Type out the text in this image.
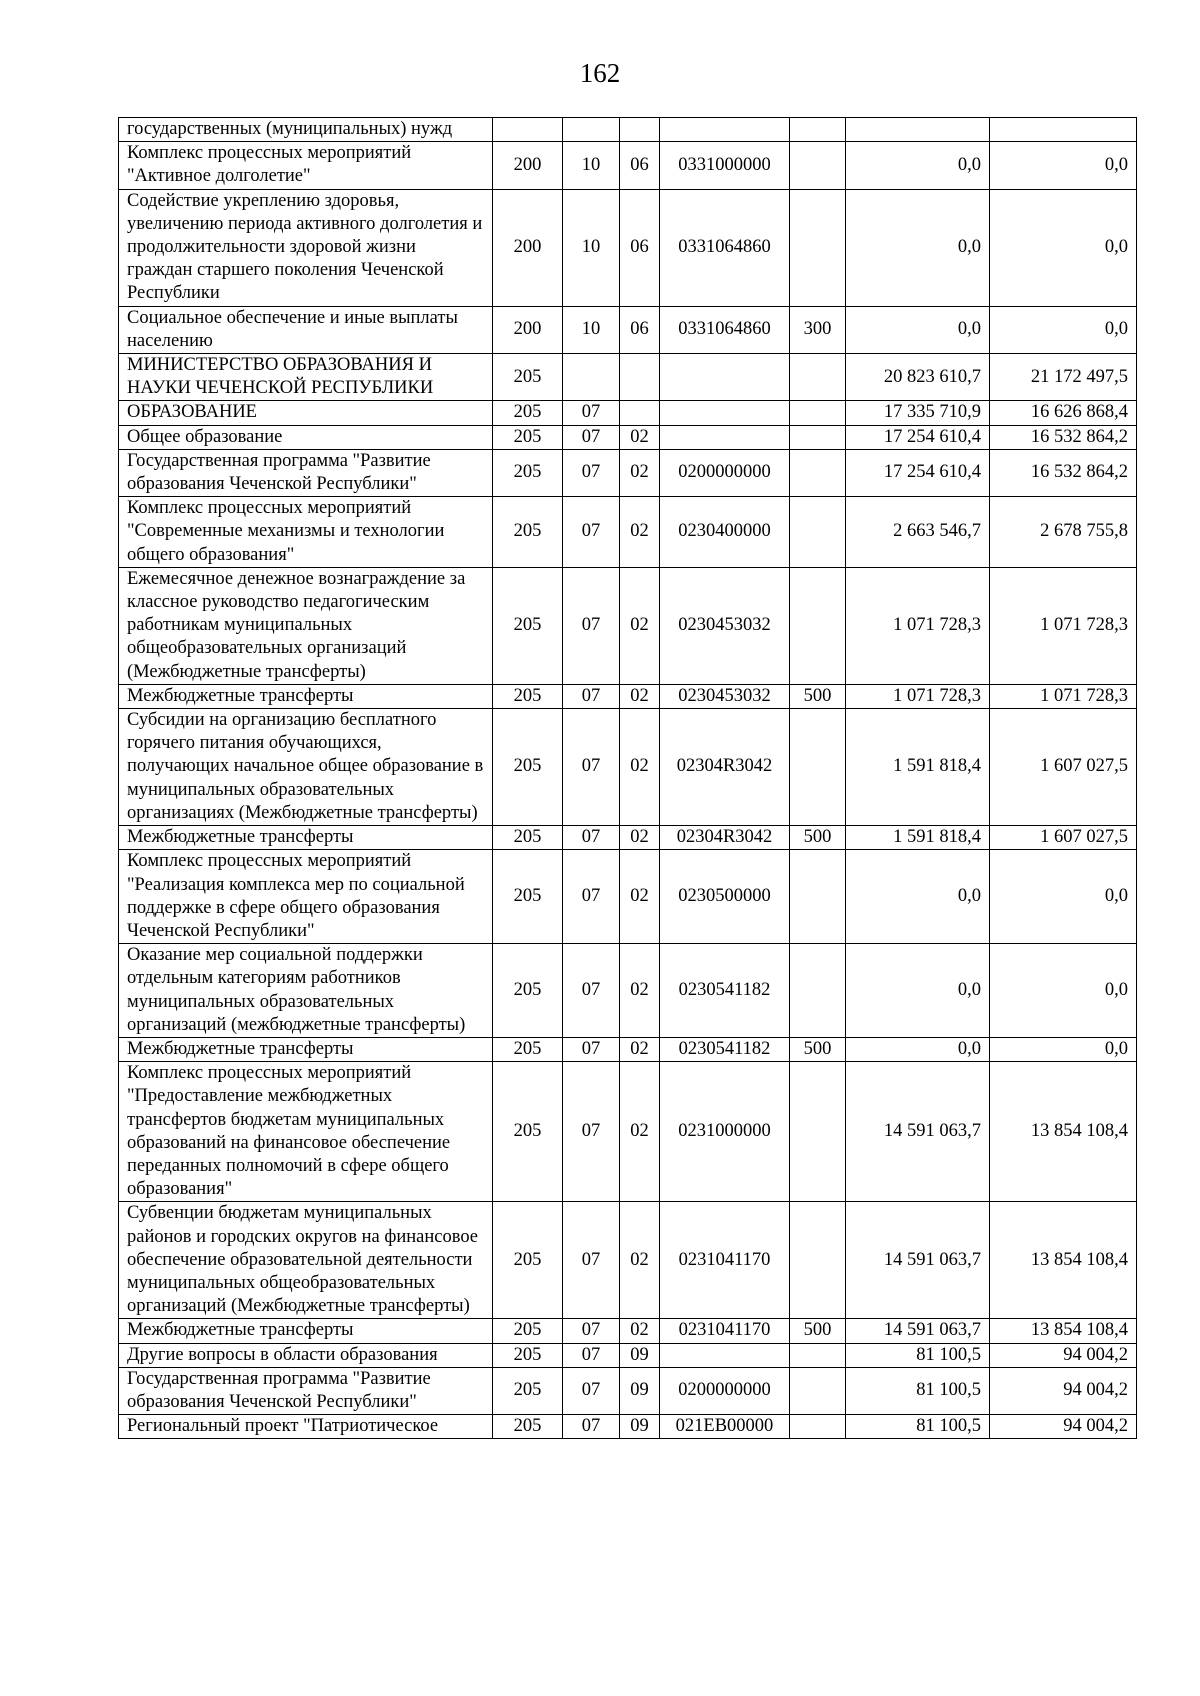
162
государственных (муниципальных) нужд							
Комплекс процессных мероприятий "Активное долголетие"	200	10	06	0331000000		0,0	0,0
Содействие укреплению здоровья, увеличению периода активного долголетия и продолжительности здоровой жизни граждан старшего поколения Чеченской Республики	200	10	06	0331064860		0,0	0,0
Социальное обеспечение и иные выплаты населению	200	10	06	0331064860	300	0,0	0,0
МИНИСТЕРСТВО ОБРАЗОВАНИЯ И НАУКИ ЧЕЧЕНСКОЙ РЕСПУБЛИКИ	205					20 823 610,7	21 172 497,5
ОБРАЗОВАНИЕ	205	07				17 335 710,9	16 626 868,4
Общее образование	205	07	02			17 254 610,4	16 532 864,2
Государственная программа "Развитие образования Чеченской Республики"	205	07	02	0200000000		17 254 610,4	16 532 864,2
Комплекс процессных мероприятий "Современные механизмы и технологии общего образования"	205	07	02	0230400000		2 663 546,7	2 678 755,8
Ежемесячное денежное вознаграждение за классное руководство педагогическим работникам муниципальных общеобразовательных организаций (Межбюджетные трансферты)	205	07	02	0230453032		1 071 728,3	1 071 728,3
Межбюджетные трансферты	205	07	02	0230453032	500	1 071 728,3	1 071 728,3
Субсидии на организацию бесплатного горячего питания обучающихся, получающих начальное общее образование в муниципальных образовательных организациях (Межбюджетные трансферты)	205	07	02	02304R3042		1 591 818,4	1 607 027,5
Межбюджетные трансферты	205	07	02	02304R3042	500	1 591 818,4	1 607 027,5
Комплекс процессных мероприятий "Реализация комплекса мер по социальной поддержке в сфере общего образования Чеченской Республики"	205	07	02	0230500000		0,0	0,0
Оказание мер социальной поддержки отдельным категориям работников муниципальных образовательных организаций (межбюджетные трансферты)	205	07	02	0230541182		0,0	0,0
Межбюджетные трансферты	205	07	02	0230541182	500	0,0	0,0
Комплекс процессных мероприятий "Предоставление межбюджетных трансфертов бюджетам муниципальных образований на финансовое обеспечение переданных полномочий в сфере общего образования"	205	07	02	0231000000		14 591 063,7	13 854 108,4
Субвенции бюджетам муниципальных районов и городских округов на финансовое обеспечение образовательной деятельности муниципальных общеобразовательных организаций (Межбюджетные трансферты)	205	07	02	0231041170		14 591 063,7	13 854 108,4
Межбюджетные трансферты	205	07	02	0231041170	500	14 591 063,7	13 854 108,4
Другие вопросы в области образования	205	07	09			81 100,5	94 004,2
Государственная программа "Развитие образования Чеченской Республики"	205	07	09	0200000000		81 100,5	94 004,2
Региональный проект "Патриотическое	205	07	09	021EB00000		81 100,5	94 004,2
